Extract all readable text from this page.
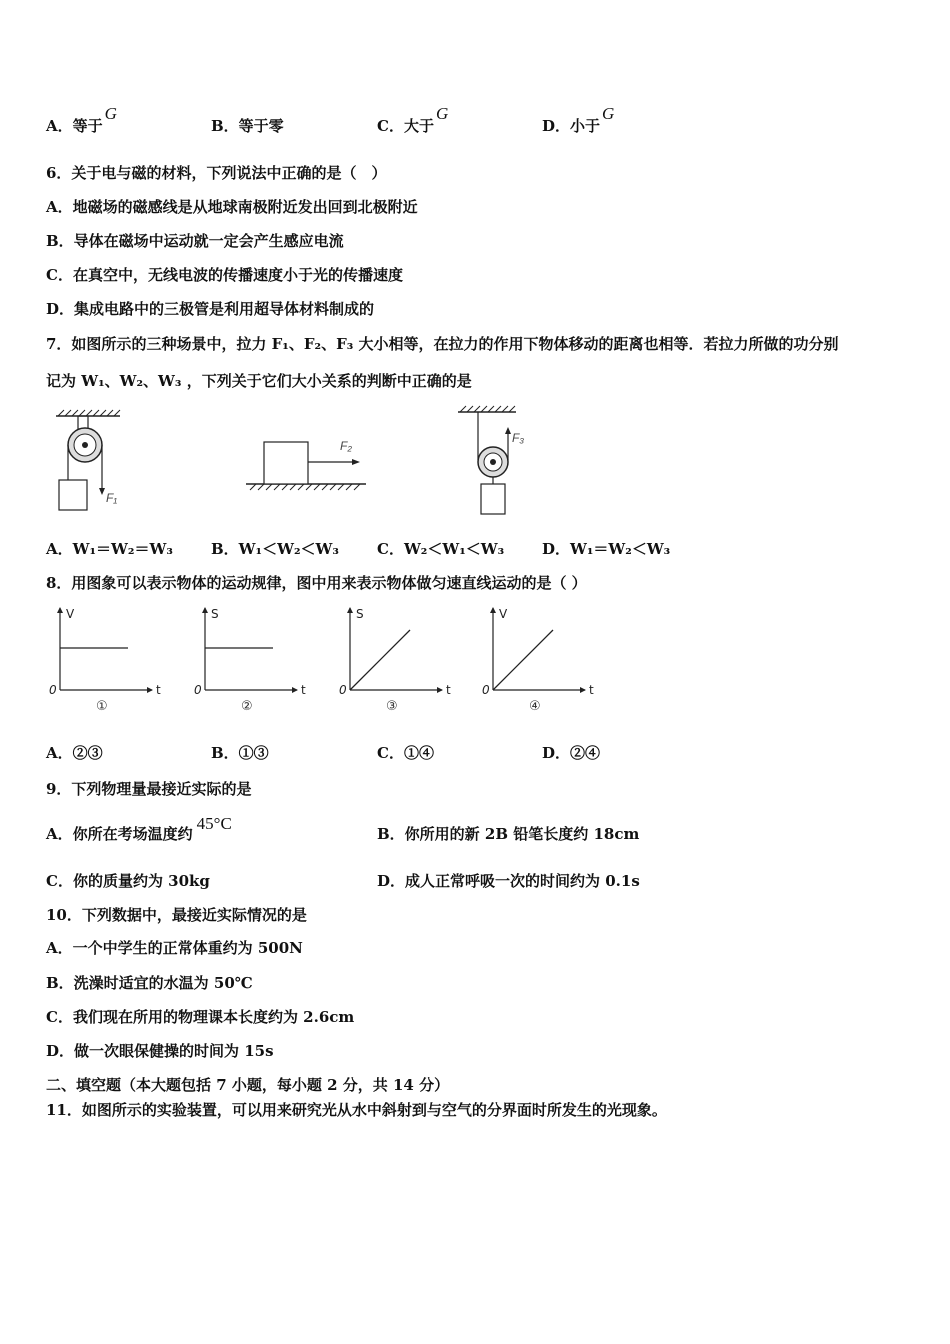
A．等于G
B．等于零	C．大于G
D．小于G
6．关于电与磁的材料，下列说法中正确的是（　）
A．地磁场的磁感线是从地球南极附近发出回到北极附近
B．导体在磁场中运动就一定会产生感应电流
C．在真空中，无线电波的传播速度小于光的传播速度
D．集成电路中的三极管是利用超导体材料制成的
7．如图所示的三种场景中，拉力 F₁、F₂、F₃ 大小相等，在拉力的作用下物体移动的距离也相等．若拉力所做的功分别
记为 W₁、W₂、W₃ ，下列关于它们大小关系的判断中正确的是
F₁
F₂
F₃
A．W₁＝W₂＝W₃	B．W₁＜W₂＜W₃	C．W₂＜W₁＜W₃	D．W₁＝W₂＜W₃
8．用图象可以表示物体的运动规律，图中用来表示物体做匀速直线运动的是（ ）
V
t
0
①
S
t
0
②
S
t
0
③
V
t
0
④
A．②③	B．①③	C．①④	D．②④
9．下列物理量最接近实际的是
A．你所在考场温度约45°C
B．你所用的新 2B 铅笔长度约 18cm
C．你的质量约为 30kg	D．成人正常呼吸一次的时间约为 0.1s
10．下列数据中，最接近实际情况的是
A．一个中学生的正常体重约为 500N
B．洗澡时适宜的水温为 50℃
C．我们现在所用的物理课本长度约为 2.6cm
D．做一次眼保健操的时间为 15s
二、填空题（本大题包括 7 小题，每小题 2 分，共 14 分）
11．如图所示的实验装置，可以用来研究光从水中斜射到与空气的分界面时所发生的光现象。
